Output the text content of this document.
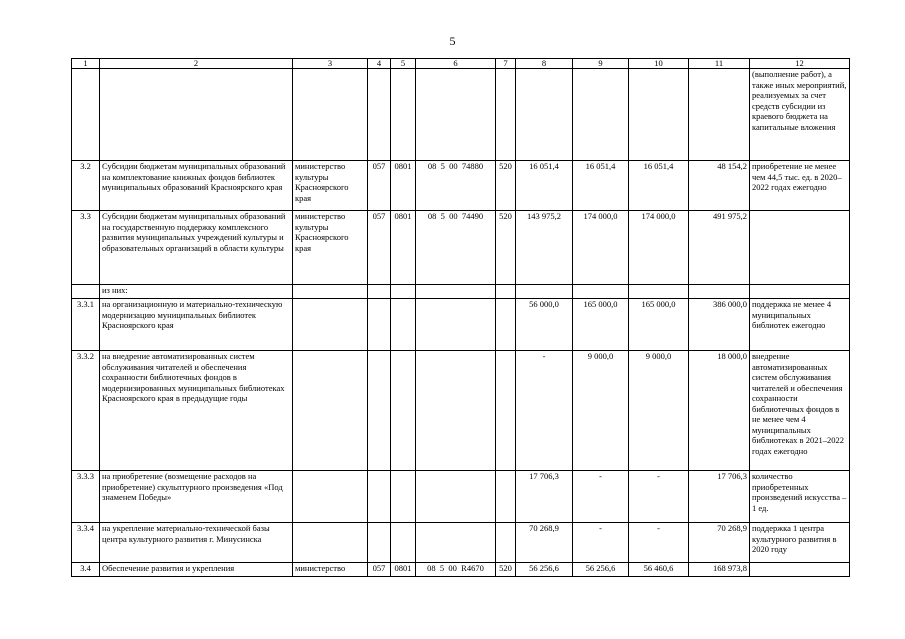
5
1	2	3	4	5	6	7	8	9	10	11	12
											(выполнение работ), а также иных мероприятий, реализуемых за счет средств субсидии из краевого бюджета на капитальные вложения
3.2	Субсидии бюджетам муниципальных образований на комплектование книжных фондов библиотек муниципальных образований Красноярского края	министерство культуры Красноярского края	057	0801	08  5  00  74880	520	16 051,4	16 051,4	16 051,4	48 154,2	приобретение не менее чем 44,5 тыс. ед. в 2020–2022 годах ежегодно
3.3	Субсидии бюджетам муниципальных образований на государственную поддержку комплексного развития муниципальных учреждений культуры и образовательных организаций в области культуры	министерство культуры Красноярского края	057	0801	08  5  00  74490	520	143 975,2	174 000,0	174 000,0	491 975,2	
	из них:										
3.3.1	на организационную и материально-техническую модернизацию муниципальных библиотек Красноярского края						56 000,0	165 000,0	165 000,0	386 000,0	поддержка не менее 4 муниципальных библиотек ежегодно
3.3.2	на внедрение автоматизированных систем обслуживания читателей и обеспечения сохранности библиотечных фондов в модернизированных муниципальных библиотеках Красноярского края в предыдущие годы						-	9 000,0	9 000,0	18 000,0	внедрение автоматизированных систем обслуживания читателей и обеспечения сохранности библиотечных фондов в не менее чем 4 муниципальных библиотеках в 2021–2022 годах ежегодно
3.3.3	на приобретение (возмещение расходов на приобретение) скульптурного произведения «Под знаменем Победы»						17 706,3	-	-	17 706,3	количество приобретенных произведений искусства – 1 ед.
3.3.4	на укрепление материально-технической базы центра культурного развития г. Минусинска						70 268,9	-	-	70 268,9	поддержка 1 центра культурного развития в 2020 году
3.4	Обеспечение развития и укрепления	министерство	057	0801	08  5  00  R4670	520	56 256,6	56 256,6	56 460,6	168 973,8	
